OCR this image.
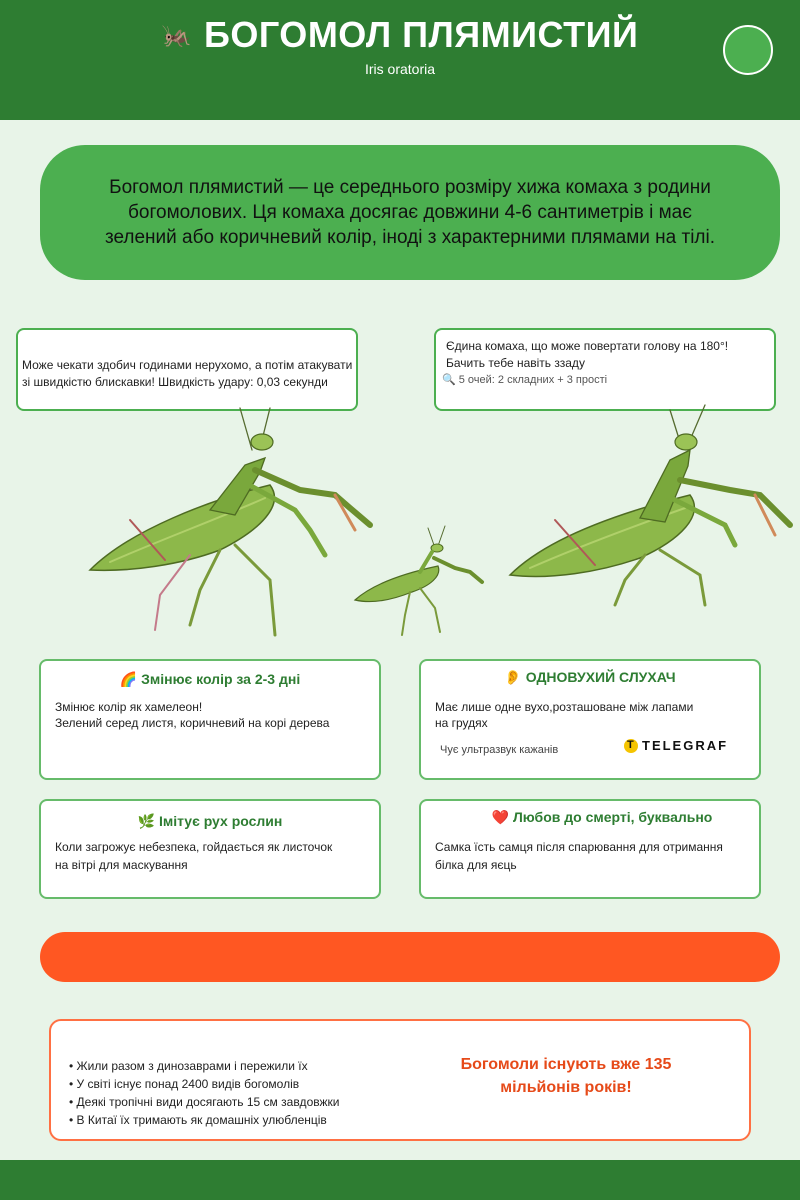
🦗 БОГОМОЛ ПЛЯМИСТИЙ
Iris oratoria

Богомол плямистий — це середнього розміру хижа комаха з родини богомолових. Ця комаха досягає довжини 4-6 сантиметрів і має зелений або коричневий колір, іноді з характерними плямами на тілі.

Може чекати здобич годинами нерухомо, а потім атакувати зі швидкістю блискавки! Швидкість удару: 0,03 секунди
Єдина комаха, що може повертати голову на 180°!
Бачить тебе навіть ззаду
🔍 5 очей: 2 складних + 3 прості
🌈 Змінює колір за 2-3 дні
Змінює колір як хамелеон!
Зелений серед листя, коричневий на корі дерева
👂 ОДНОВУХИЙ СЛУХАЧ
Має лише одне вухо,розташоване між лапами
на грудях
Чує ультразвук кажанів
T	TELEGRAF
🌿 Імітує рух рослин
Коли загрожує небезпека, гойдається як листочок
на вітрі для маскування
❤️ Любов до смерті, буквально
Самка їсть самця після спарювання для отримання
білка для яєць
• Жили разом з динозаврами і пережили їх
• У світі існує понад 2400 видів богомолів
• Деякі тропічні види досягають 15 см завдовжки
• В Китаї їх тримають як домашніх улюбленців
Богомоли існують вже 135
мільйонів років!
